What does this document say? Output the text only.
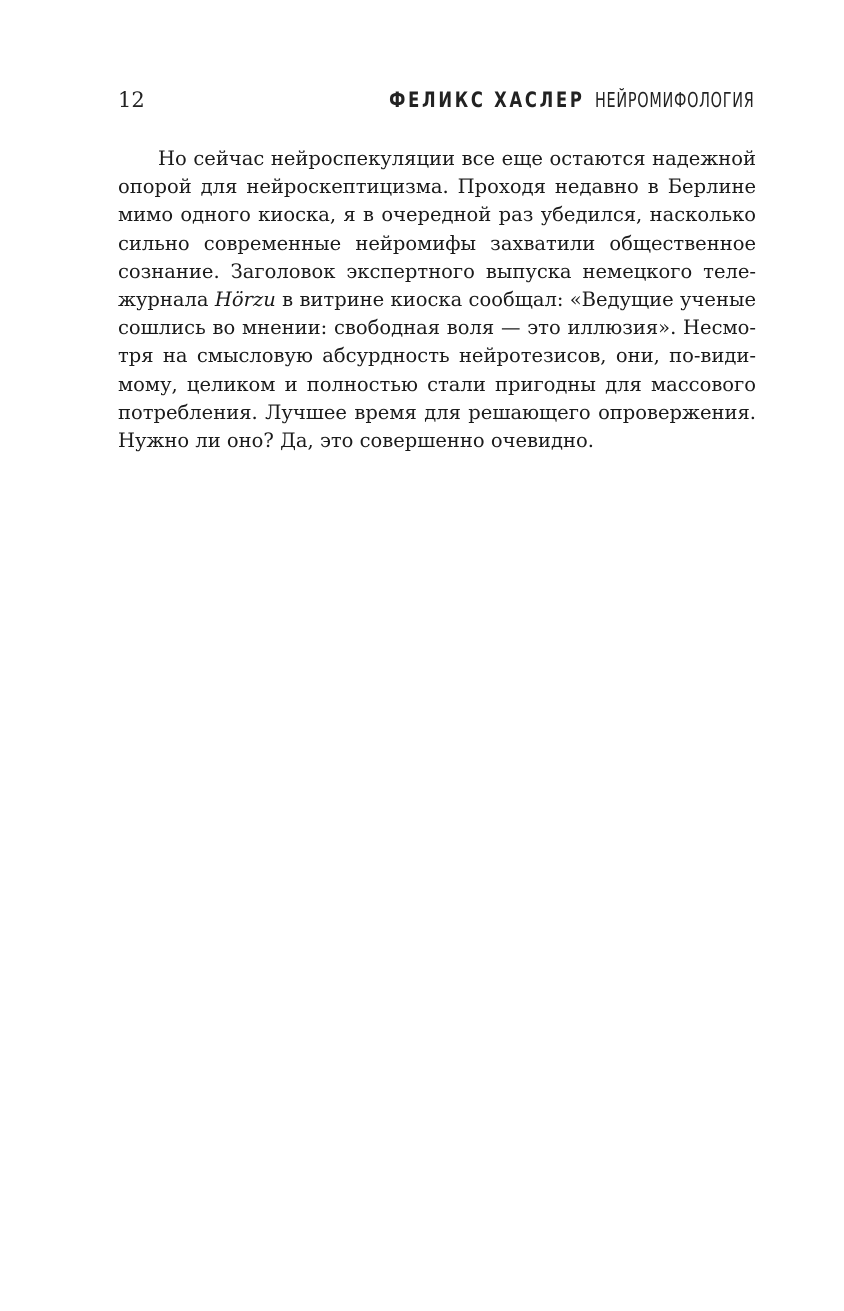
12	ФЕЛИКС ХАСЛЕР НЕЙРОМИФОЛОГИЯ
Но сейчас нейроспекуляции все еще остаются надежной
опорой для нейроскептицизма. Проходя недавно в Берлине
мимо одного киоска, я в очередной раз убедился, насколько
сильно современные нейромифы захватили общественное
сознание. Заголовок экспертного выпуска немецкого теле-
журнала Hörzu в витрине киоска сообщал: «Ведущие ученые
сошлись во мнении: свободная воля — это иллюзия». Несмо-
тря на смысловую абсурдность нейротезисов, они, по-види-
мому, целиком и полностью стали пригодны для массового
потребления. Лучшее время для решающего опровержения.
Нужно ли оно? Да, это совершенно очевидно.
